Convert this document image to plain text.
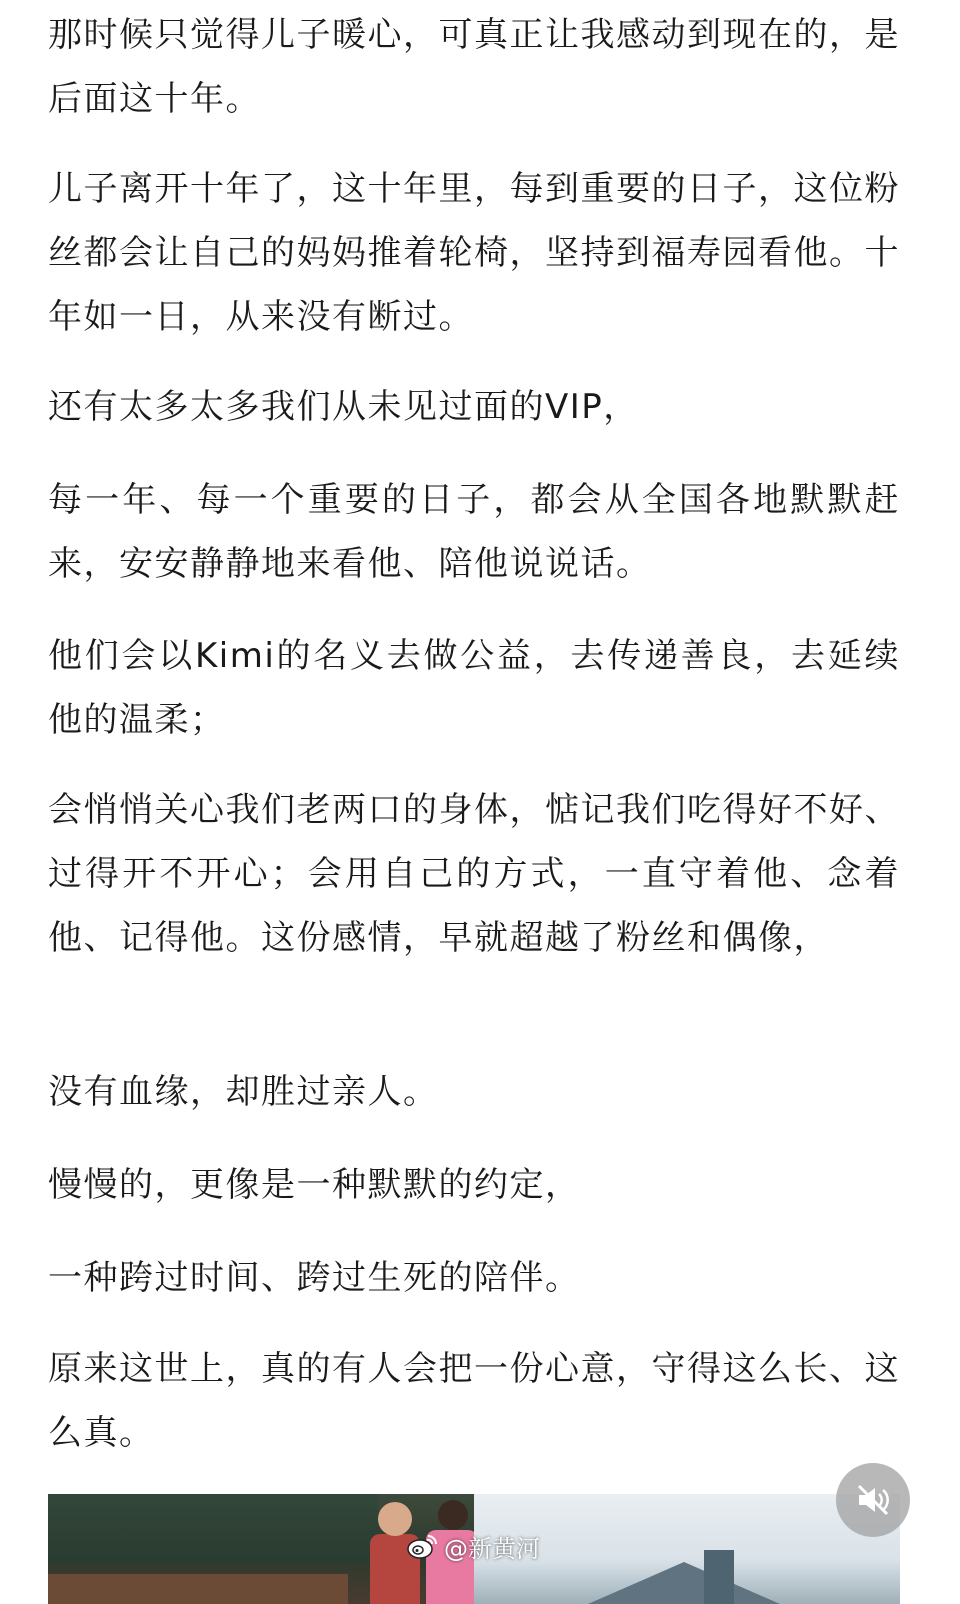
那时候只觉得儿子暖心，可真正让我感动到现在的，是后面这十年。

儿子离开十年了，这十年里，每到重要的日子，这位粉丝都会让自己的妈妈推着轮椅，坚持到福寿园看他。十年如一日，从来没有断过。

还有太多太多我们从未见过面的VIP，

每一年、每一个重要的日子，都会从全国各地默默赶来，安安静静地来看他、陪他说说话。

他们会以Kimi的名义去做公益，去传递善良，去延续他的温柔；

会悄悄关心我们老两口的身体，惦记我们吃得好不好、过得开不开心；会用自己的方式，一直守着他、念着他、记得他。这份感情，早就超越了粉丝和偶像，

没有血缘，却胜过亲人。

慢慢的，更像是一种默默的约定，

一种跨过时间、跨过生死的陪伴。

原来这世上，真的有人会把一份心意，守得这么长、这么真。

@新黄河
